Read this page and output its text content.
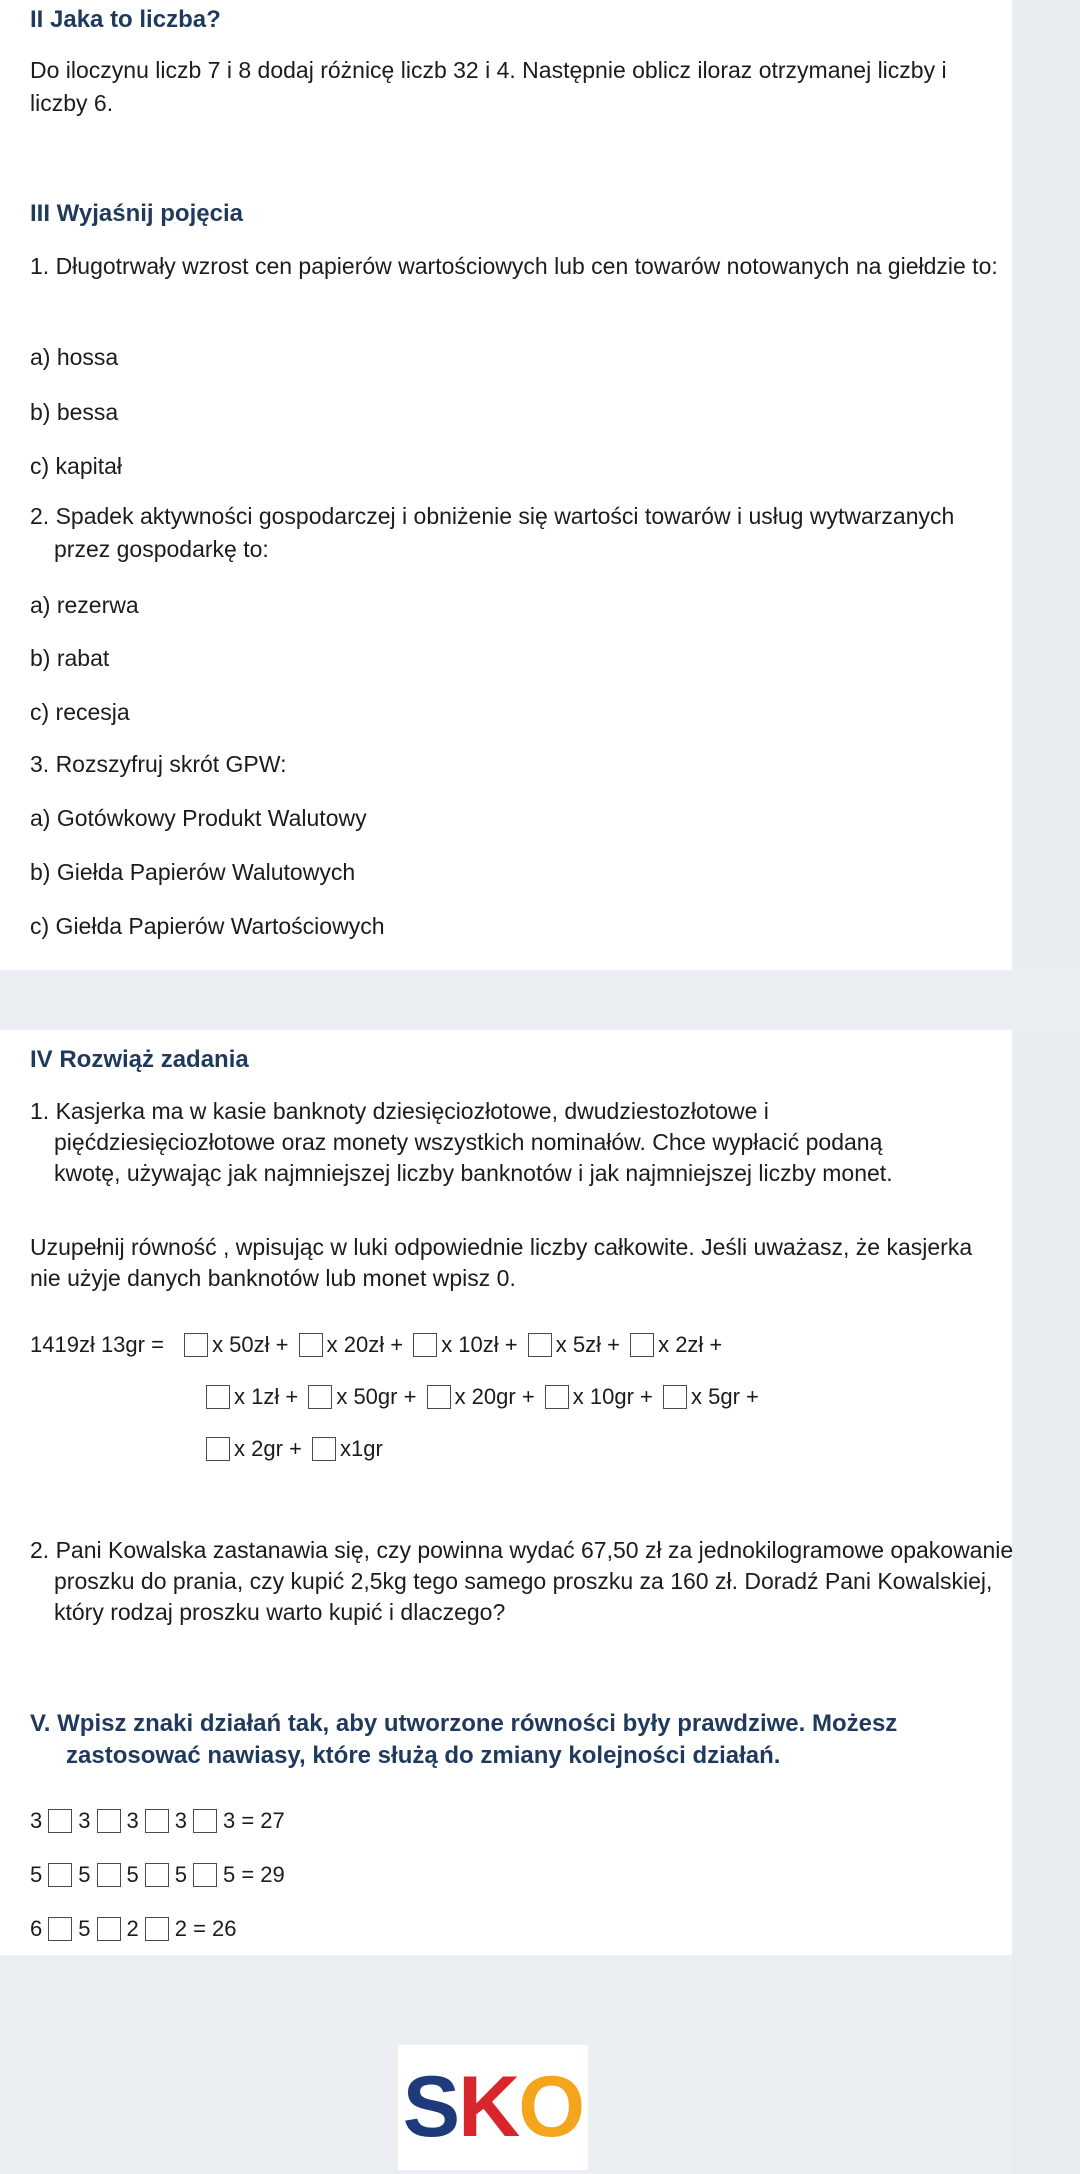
II Jaka to liczba?
Do iloczynu liczb 7 i 8 dodaj różnicę liczb 32 i 4. Następnie oblicz iloraz otrzymanej liczby i liczby 6.
III Wyjaśnij pojęcia
1. Długotrwały wzrost cen papierów wartościowych lub cen towarów notowanych na giełdzie to:
a) hossa
b) bessa
c) kapitał
2. Spadek aktywności gospodarczej i obniżenie się wartości towarów i usług wytwarzanych przez gospodarkę to:
a) rezerwa
b) rabat
c) recesja
3. Rozszyfruj skrót GPW:
a) Gotówkowy Produkt Walutowy
b) Giełda Papierów Walutowych
c) Giełda Papierów Wartościowych
IV Rozwiąż zadania
1. Kasjerka ma w kasie banknoty dziesięciozłotowe, dwudziestozłotowe i pięćdziesięciozłotowe oraz monety wszystkich nominałów. Chce wypłacić podaną kwotę, używając jak najmniejszej liczby banknotów i jak najmniejszej liczby monet.
Uzupełnij równość , wpisując w luki odpowiednie liczby całkowite. Jeśli uważasz, że kasjerka nie użyje danych banknotów lub monet wpisz 0.
1419zł 13gr = x 50zł + x 20zł + x 10zł + x 5zł + x 2zł +
x 1zł + x 50gr + x 20gr + x 10gr + x 5gr +
x 2gr + x1gr
2. Pani Kowalska zastanawia się, czy powinna wydać 67,50 zł za jednokilogramowe opakowanie proszku do prania, czy kupić 2,5kg tego samego proszku za 160 zł. Doradź Pani Kowalskiej, który rodzaj proszku warto kupić i dlaczego?
V. Wpisz znaki działań tak, aby utworzone równości były prawdziwe. Możesz zastosować nawiasy, które służą do zmiany kolejności działań.
3 3 3 3 3 = 27
5 5 5 5 5 = 29
6 5 2 2 = 26
S K O
